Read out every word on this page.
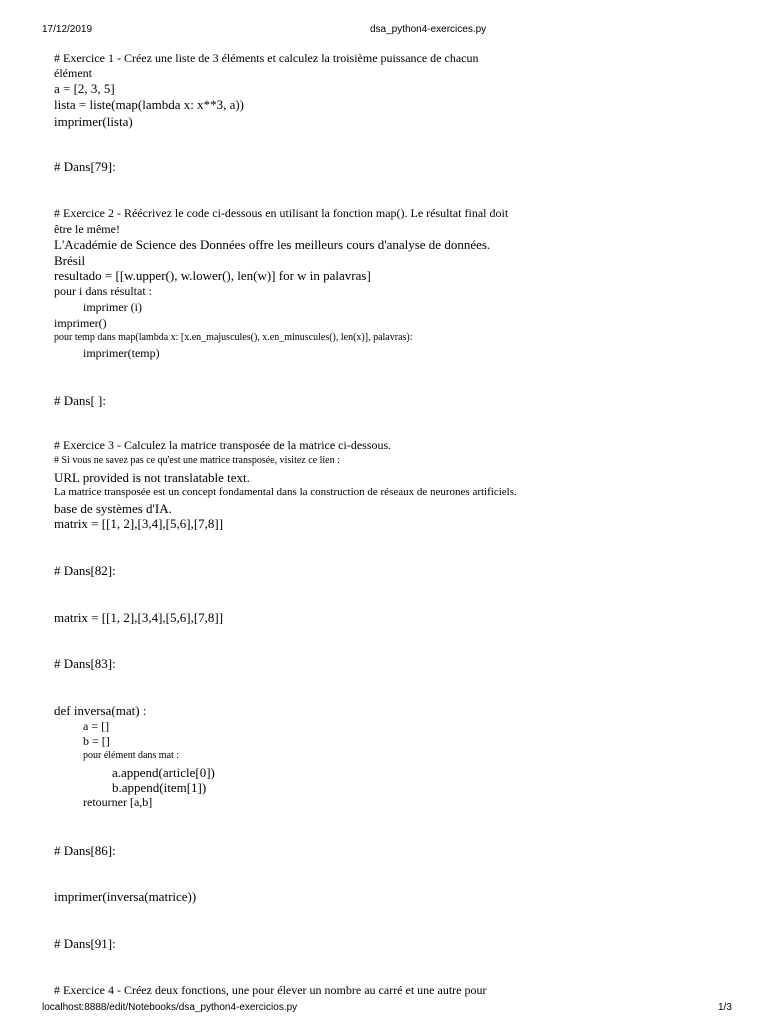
17/12/2019	dsa_python4-exercices.py
# Exercice 1 - Créez une liste de 3 éléments et calculez la troisième puissance de chacun
élément
a = [2, 3, 5]
lista = liste(map(lambda x: x**3, a))
imprimer(lista)
# Dans[79]:
# Exercice 2 - Réécrivez le code ci-dessous en utilisant la fonction map(). Le résultat final doit
être le même!
L'Académie de Science des Données offre les meilleurs cours d'analyse de données.
Brésil
resultado = [[w.upper(), w.lower(), len(w)] for w in palavras]
pour i dans résultat :
imprimer (i)
imprimer()
pour temp dans map(lambda x: [x.en_majuscules(), x.en_minuscules(), len(x)], palavras):
imprimer(temp)
# Dans[ ]:
# Exercice 3 - Calculez la matrice transposée de la matrice ci-dessous.
# Si vous ne savez pas ce qu'est une matrice transposée, visitez ce lien :
URL provided is not translatable text.
La matrice transposée est un concept fondamental dans la construction de réseaux de neurones artificiels.
base de systèmes d'IA.
matrix = [[1, 2],[3,4],[5,6],[7,8]]
# Dans[82]:
matrix = [[1, 2],[3,4],[5,6],[7,8]]
# Dans[83]:
def inversa(mat) :
a = []
b = []
pour élément dans mat :
a.append(article[0])
b.append(item[1])
retourner [a,b]
# Dans[86]:
imprimer(inversa(matrice))
# Dans[91]:
# Exercice 4 - Créez deux fonctions, une pour élever un nombre au carré et une autre pour
localhost:8888/edit/Notebooks/dsa_python4-exercicios.py	1/3
